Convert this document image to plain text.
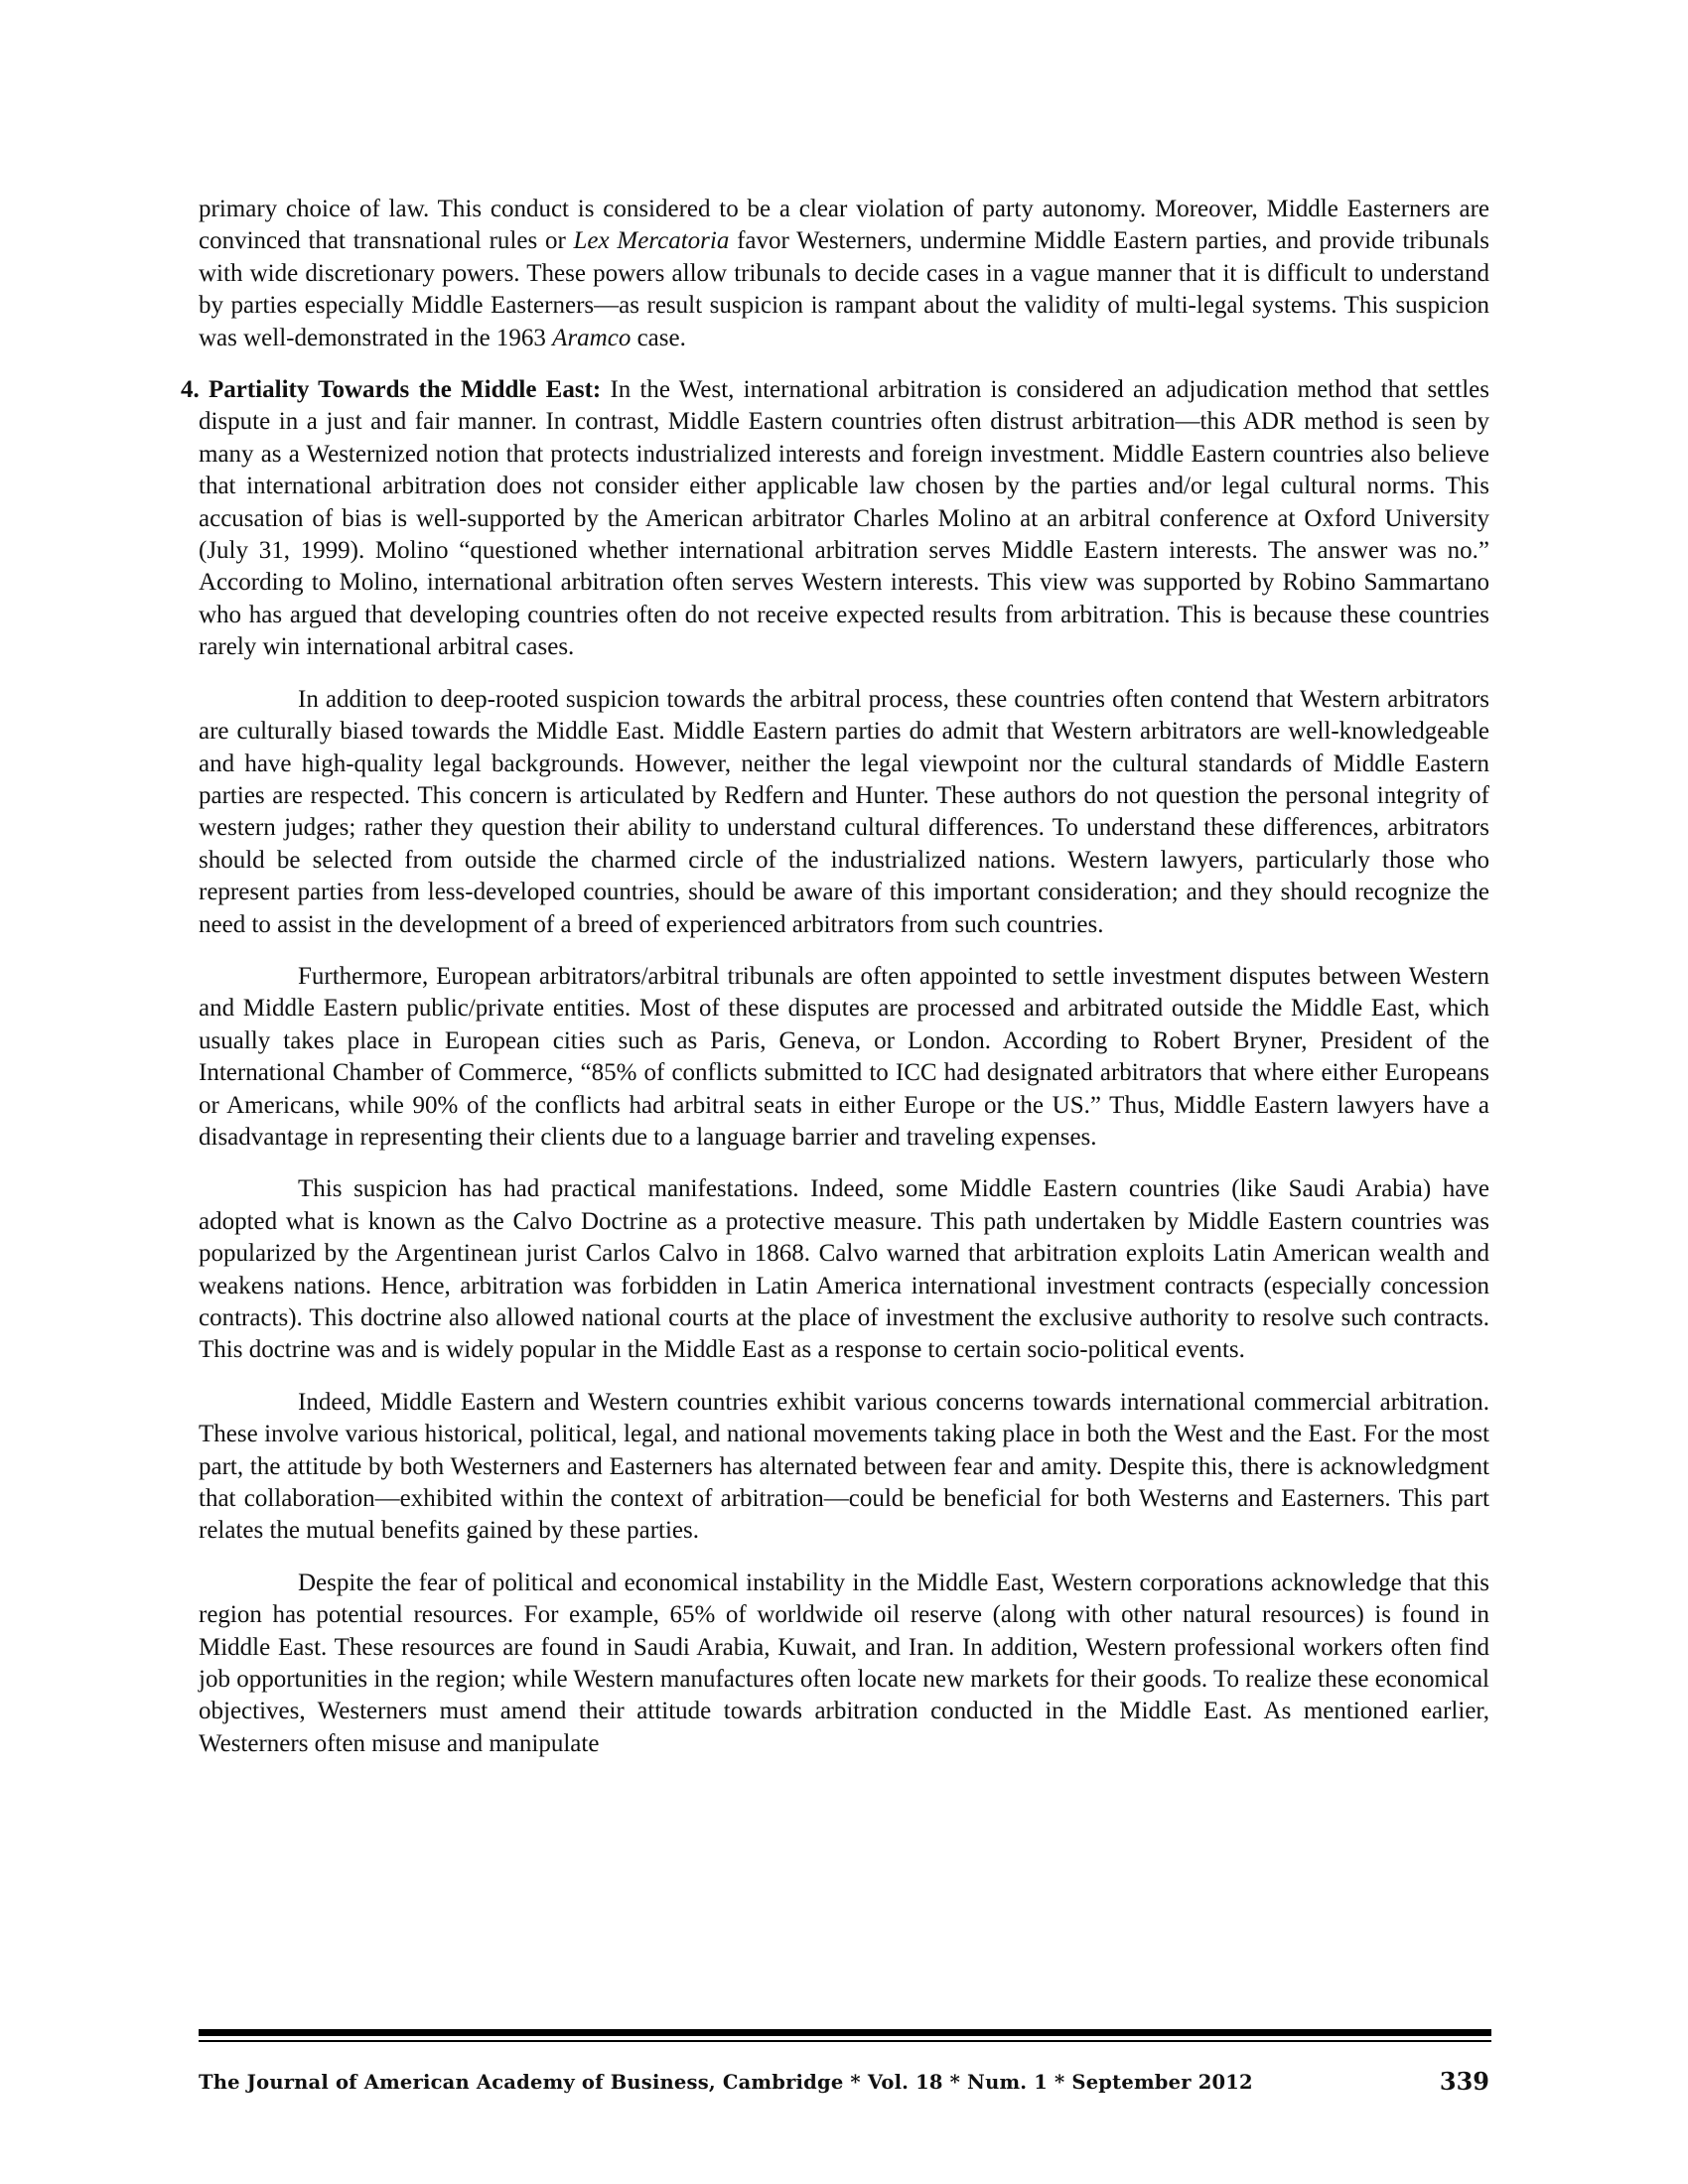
primary choice of law. This conduct is considered to be a clear violation of party autonomy. Moreover, Middle Easterners are convinced that transnational rules or Lex Mercatoria favor Westerners, undermine Middle Eastern parties, and provide tribunals with wide discretionary powers. These powers allow tribunals to decide cases in a vague manner that it is difficult to understand by parties especially Middle Easterners—as result suspicion is rampant about the validity of multi-legal systems. This suspicion was well-demonstrated in the 1963 Aramco case.

4. Partiality Towards the Middle East: In the West, international arbitration is considered an adjudication method that settles dispute in a just and fair manner. In contrast, Middle Eastern countries often distrust arbitration—this ADR method is seen by many as a Westernized notion that protects industrialized interests and foreign investment. Middle Eastern countries also believe that international arbitration does not consider either applicable law chosen by the parties and/or legal cultural norms. This accusation of bias is well-supported by the American arbitrator Charles Molino at an arbitral conference at Oxford University (July 31, 1999). Molino “questioned whether international arbitration serves Middle Eastern interests. The answer was no.” According to Molino, international arbitration often serves Western interests. This view was supported by Robino Sammartano who has argued that developing countries often do not receive expected results from arbitration. This is because these countries rarely win international arbitral cases.

In addition to deep-rooted suspicion towards the arbitral process, these countries often contend that Western arbitrators are culturally biased towards the Middle East. Middle Eastern parties do admit that Western arbitrators are well-knowledgeable and have high-quality legal backgrounds. However, neither the legal viewpoint nor the cultural standards of Middle Eastern parties are respected. This concern is articulated by Redfern and Hunter. These authors do not question the personal integrity of western judges; rather they question their ability to understand cultural differences. To understand these differences, arbitrators should be selected from outside the charmed circle of the industrialized nations. Western lawyers, particularly those who represent parties from less-developed countries, should be aware of this important consideration; and they should recognize the need to assist in the development of a breed of experienced arbitrators from such countries.

Furthermore, European arbitrators/arbitral tribunals are often appointed to settle investment disputes between Western and Middle Eastern public/private entities. Most of these disputes are processed and arbitrated outside the Middle East, which usually takes place in European cities such as Paris, Geneva, or London. According to Robert Bryner, President of the International Chamber of Commerce, “85% of conflicts submitted to ICC had designated arbitrators that where either Europeans or Americans, while 90% of the conflicts had arbitral seats in either Europe or the US.” Thus, Middle Eastern lawyers have a disadvantage in representing their clients due to a language barrier and traveling expenses.

This suspicion has had practical manifestations. Indeed, some Middle Eastern countries (like Saudi Arabia) have adopted what is known as the Calvo Doctrine as a protective measure. This path undertaken by Middle Eastern countries was popularized by the Argentinean jurist Carlos Calvo in 1868. Calvo warned that arbitration exploits Latin American wealth and weakens nations. Hence, arbitration was forbidden in Latin America international investment contracts (especially concession contracts). This doctrine also allowed national courts at the place of investment the exclusive authority to resolve such contracts. This doctrine was and is widely popular in the Middle East as a response to certain socio-political events.

Indeed, Middle Eastern and Western countries exhibit various concerns towards international commercial arbitration. These involve various historical, political, legal, and national movements taking place in both the West and the East. For the most part, the attitude by both Westerners and Easterners has alternated between fear and amity. Despite this, there is acknowledgment that collaboration—exhibited within the context of arbitration—could be beneficial for both Westerns and Easterners. This part relates the mutual benefits gained by these parties.

Despite the fear of political and economical instability in the Middle East, Western corporations acknowledge that this region has potential resources. For example, 65% of worldwide oil reserve (along with other natural resources) is found in Middle East. These resources are found in Saudi Arabia, Kuwait, and Iran. In addition, Western professional workers often find job opportunities in the region; while Western manufactures often locate new markets for their goods. To realize these economical objectives, Westerners must amend their attitude towards arbitration conducted in the Middle East. As mentioned earlier, Westerners often misuse and manipulate

The Journal of American Academy of Business, Cambridge * Vol. 18 * Num. 1 * September 2012	339
